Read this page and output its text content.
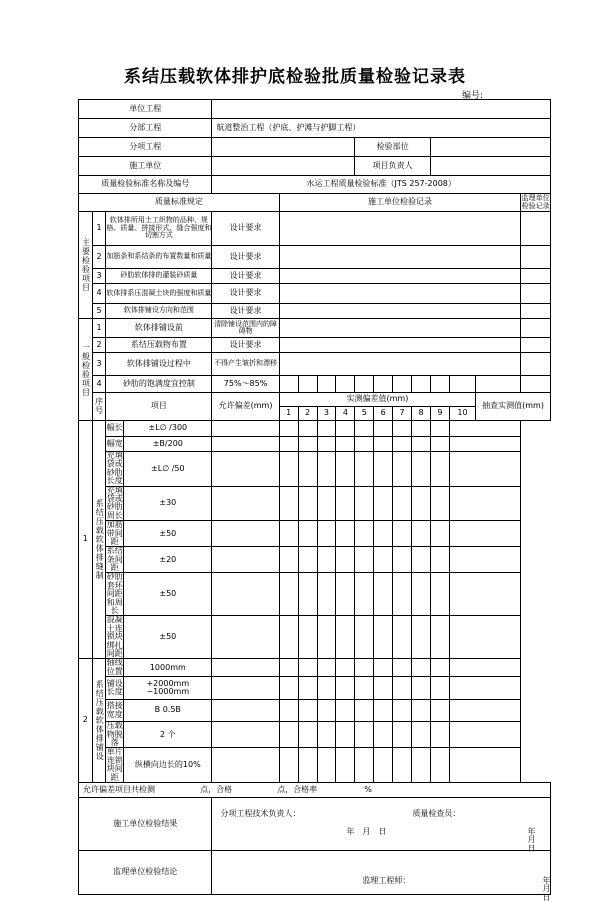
系结压载软体排护底检验批质量检验记录表
编号:
单位工程																
分部工程				航道整治工程（护底、护滩与护脚工程）												
分项工程									检验部位							
施工单位									项目负责人							
质量检验标准名称及编号				水运工程质量检验标准（JTS 257-2008）												
质量标准规定					施工单位检验记录											监理单位检验记录
主要检验项目	1	软体排所用土工织物的品种、规格、质量、拼接形式、缝合强度和切割方式		设计要求												
	2	加筋条和系结条的布置数量和质量		设计要求												
	3	砂肋软体排的灌装砂质量		设计要求												
	4	软体排系压混凝土块的强度和质量		设计要求												
	5	软体排铺设方向和范围		设计要求												
一般检验项目	1	软体排铺设前		清除铺设范围内的障碍物												
	2	系结压载物布置		设计要求												
	3	软体排铺设过程中		不得产生皱折和漂移												
	4	砂肋的饱满度宜控制		75%～85%												
	序号	项目		允许偏差(mm)	实测偏差值(mm)										抽查实测值(mm)	
					1	2	3	4	5	6	7	8	9	10		
1	系结压载软体排缝制	幅长	±L∅ /300													
		幅宽	±B/200													
		充填袋或砂肋长度	±L∅ /50													
		充填袋或砂肋周长	±30													
		加筋带间距	±50													
		系结条间距	±20													
		砂肋套环间距和周长	±50													
		混凝土连锁块绑扎间距	±50													
2	系结压载软体排铺设	轴线位置	1000mm													
		铺设长度	+2000mm −1000mm													
		搭接宽度	B 0.5B													
		压载物脱落	2 个													
		单片连锁块间距	纵横向边长的10%													
允许偏差项目共检测 点，合格 点，合格率 %																
施工单位检验结果				分项工程技术负责人： 质量检查员：
年　月　日 年　月　日												

监理单位检验结论				监理工程师： 年　月　日												
